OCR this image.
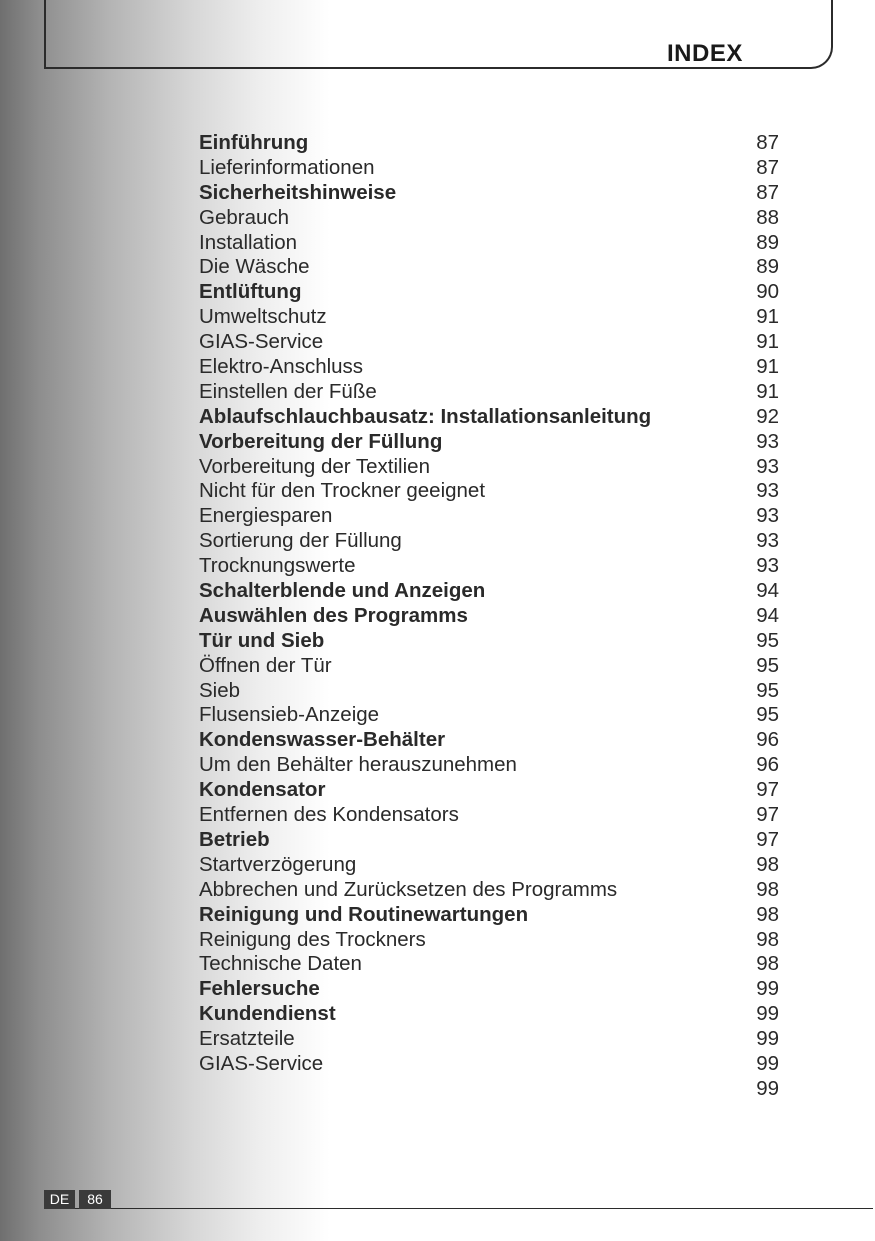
INDEX
Einführung	87
Lieferinformationen	87
Sicherheitshinweise	87
Gebrauch	88
Installation	89
Die Wäsche	89
Entlüftung	90
Umweltschutz	91
GIAS-Service	91
Elektro-Anschluss	91
Einstellen der Füße	91
Ablaufschlauchbausatz: Installationsanleitung	92
Vorbereitung der Füllung	93
Vorbereitung der Textilien	93
Nicht für den Trockner geeignet	93
Energiesparen	93
Sortierung der Füllung	93
Trocknungswerte	93
Schalterblende und Anzeigen	94
Auswählen des Programms	94
Tür und Sieb	95
Öffnen der Tür	95
Sieb	95
Flusensieb-Anzeige	95
Kondenswasser-Behälter	96
Um den Behälter herauszunehmen	96
Kondensator	97
Entfernen des Kondensators	97
Betrieb	97
Startverzögerung	98
Abbrechen und Zurücksetzen des Programms	98
Reinigung und Routinewartungen	98
Reinigung des Trockners	98
Technische Daten	98
Fehlersuche	99
Kundendienst	99
Ersatzteile	99
GIAS-Service	99
99
DE	86
